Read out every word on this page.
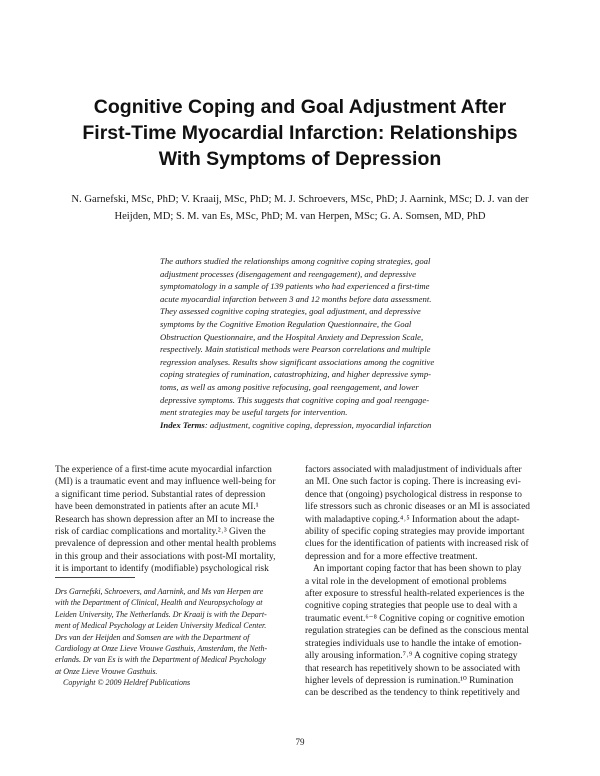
Cognitive Coping and Goal Adjustment After
First-Time Myocardial Infarction: Relationships
With Symptoms of Depression

N. Garnefski, MSc, PhD; V. Kraaij, MSc, PhD; M. J. Schroevers, MSc, PhD; J. Aarnink, MSc; D. J. van der
Heijden, MD; S. M. van Es, MSc, PhD; M. van Herpen, MSc; G. A. Somsen, MD, PhD

The authors studied the relationships among cognitive coping strategies, goal
adjustment processes (disengagement and reengagement), and depressive
symptomatology in a sample of 139 patients who had experienced a first-time
acute myocardial infarction between 3 and 12 months before data assessment.
They assessed cognitive coping strategies, goal adjustment, and depressive
symptoms by the Cognitive Emotion Regulation Questionnaire, the Goal
Obstruction Questionnaire, and the Hospital Anxiety and Depression Scale,
respectively. Main statistical methods were Pearson correlations and multiple
regression analyses. Results show significant associations among the cognitive
coping strategies of rumination, catastrophizing, and higher depressive symp-
toms, as well as among positive refocusing, goal reengagement, and lower
depressive symptoms. This suggests that cognitive coping and goal reengage-
ment strategies may be useful targets for intervention.
Index Terms: adjustment, cognitive coping, depression, myocardial infarction
The experience of a first-time acute myocardial infarction
(MI) is a traumatic event and may influence well-being for
a significant time period. Substantial rates of depression
have been demonstrated in patients after an acute MI.¹
Research has shown depression after an MI to increase the
risk of cardiac complications and mortality.²˒³ Given the
prevalence of depression and other mental health problems
in this group and their associations with post-MI mortality,
it is important to identify (modifiable) psychological risk
factors associated with maladjustment of individuals after
an MI. One such factor is coping. There is increasing evi-
dence that (ongoing) psychological distress in response to
life stressors such as chronic diseases or an MI is associated
with maladaptive coping.⁴˒⁵ Information about the adapt-
ability of specific coping strategies may provide important
clues for the identification of patients with increased risk of
depression and for a more effective treatment.
An important coping factor that has been shown to play
a vital role in the development of emotional problems
after exposure to stressful health-related experiences is the
cognitive coping strategies that people use to deal with a
traumatic event.⁶⁻⁸ Cognitive coping or cognitive emotion
regulation strategies can be defined as the conscious mental
strategies individuals use to handle the intake of emotion-
ally arousing information.⁷˒⁹ A cognitive coping strategy
that research has repetitively shown to be associated with
higher levels of depression is rumination.¹⁰ Rumination
can be described as the tendency to think repetitively and
Drs Garnefski, Schroevers, and Aarnink, and Ms van Herpen are
with the Department of Clinical, Health and Neuropsychology at
Leiden University, The Netherlands. Dr Kraaij is with the Depart-
ment of Medical Psychology at Leiden University Medical Center.
Drs van der Heijden and Somsen are with the Department of
Cardiology at Onze Lieve Vrouwe Gasthuis, Amsterdam, the Neth-
erlands. Dr van Es is with the Department of Medical Psychology
at Onze Lieve Vrouwe Gasthuis.
Copyright © 2009 Heldref Publications
79
